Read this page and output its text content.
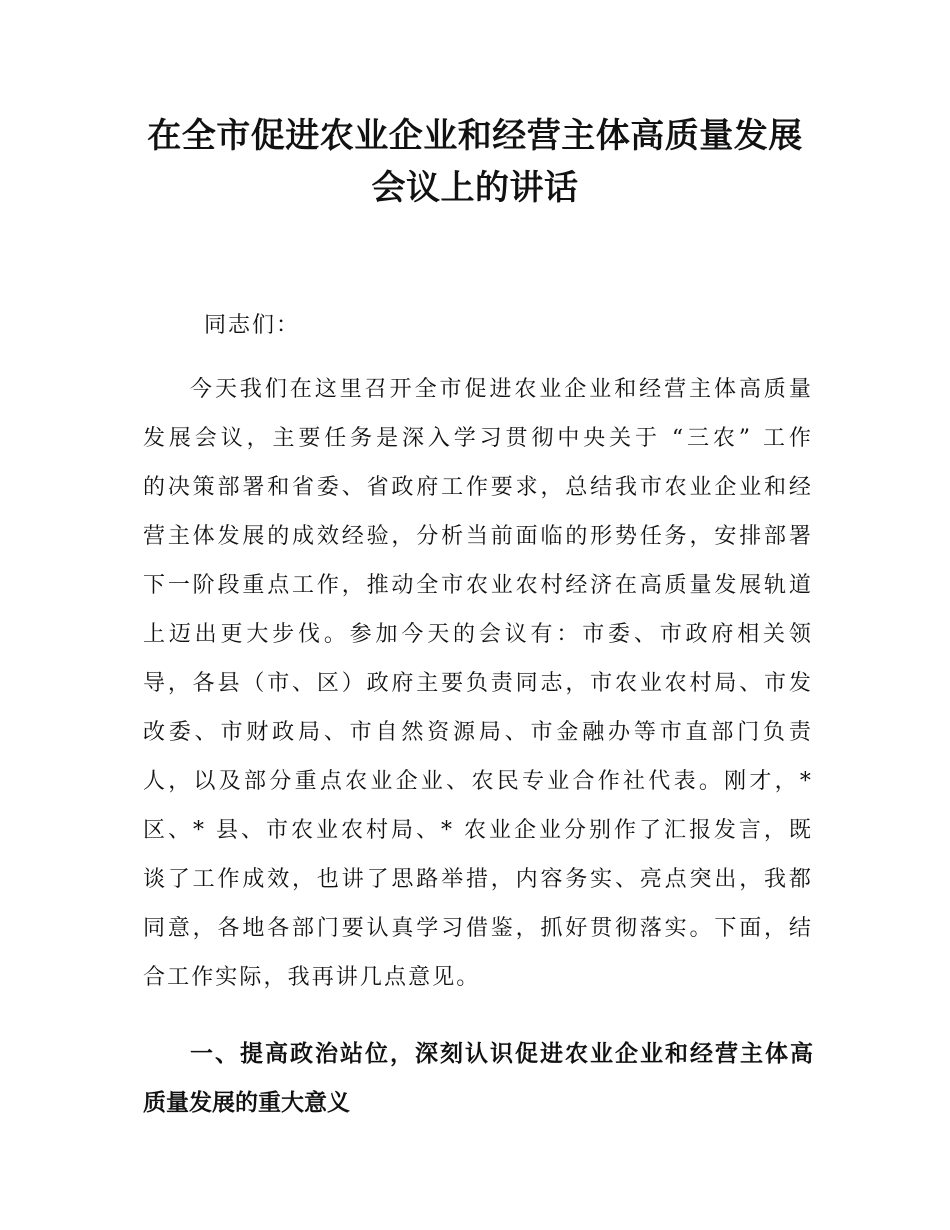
在全市促进农业企业和经营主体高质量发展
会议上的讲话
同志们：
今天我们在这里召开全市促进农业企业和经营主体高质量
发展会议，主要任务是深入学习贯彻中央关于 “三农” 工作
的决策部署和省委、省政府工作要求，总结我市农业企业和经
营主体发展的成效经验，分析当前面临的形势任务，安排部署
下一阶段重点工作，推动全市农业农村经济在高质量发展轨道
上迈出更大步伐。参加今天的会议有：市委、市政府相关领
导，各县（市、区）政府主要负责同志，市农业农村局、市发
改委、市财政局、市自然资源局、市金融办等市直部门负责
人，以及部分重点农业企业、农民专业合作社代表。刚才，*
区、* 县、市农业农村局、* 农业企业分别作了汇报发言，既
谈了工作成效，也讲了思路举措，内容务实、亮点突出，我都
同意，各地各部门要认真学习借鉴，抓好贯彻落实。下面，结
合工作实际，我再讲几点意见。
一、提高政治站位，深刻认识促进农业企业和经营主体高
质量发展的重大意义
